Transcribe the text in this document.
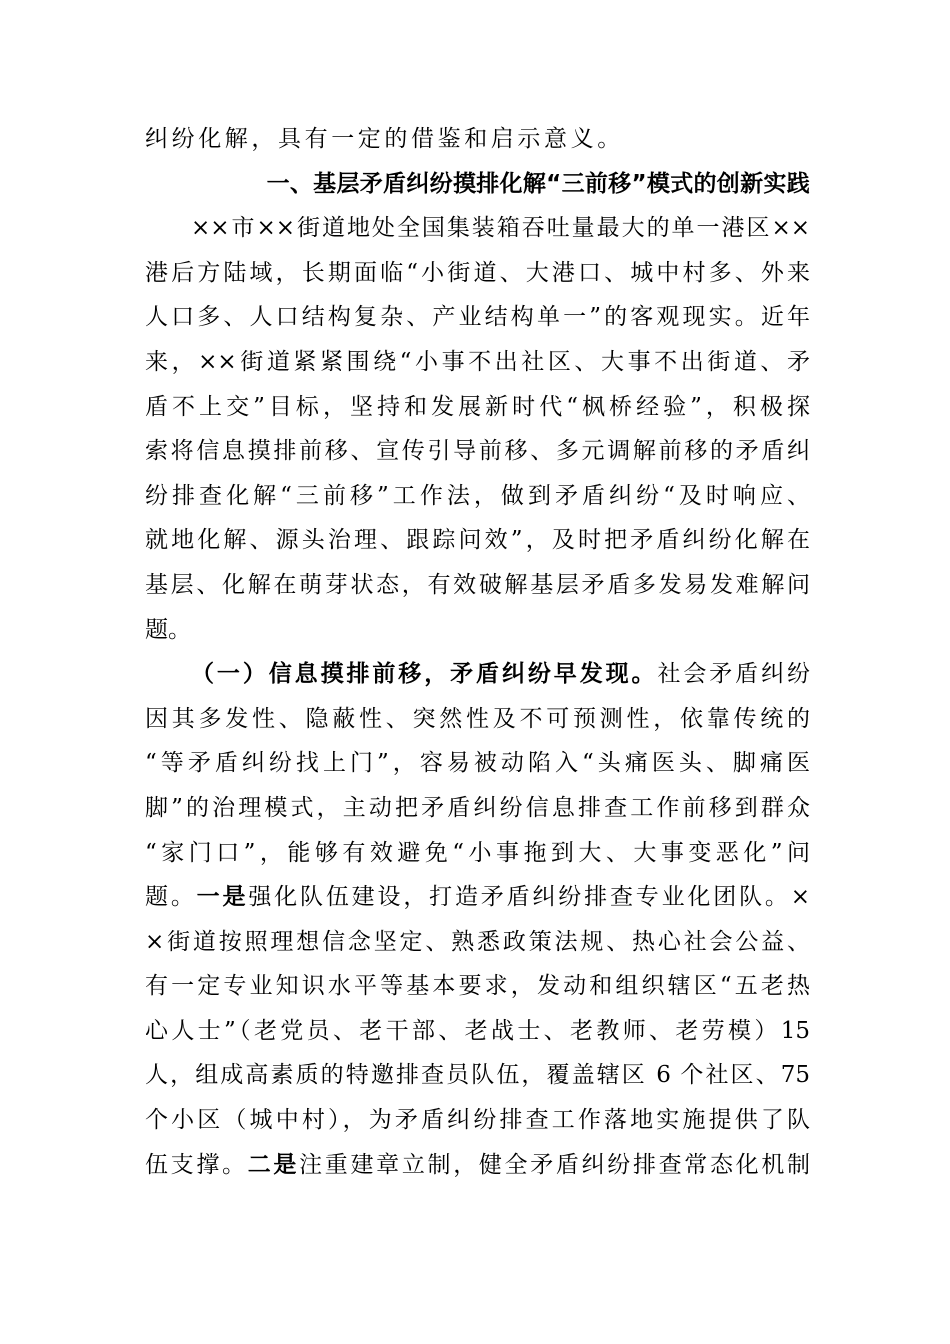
纠纷化解，具有一定的借鉴和启示意义。
一、基层矛盾纠纷摸排化解“三前移”模式的创新实践
××市××街道地处全国集装箱吞吐量最大的单一港区××
港后方陆域，长期面临“小街道、大港口、城中村多、外来
人口多、人口结构复杂、产业结构单一”的客观现实。近年
来，××街道紧紧围绕“小事不出社区、大事不出街道、矛
盾不上交”目标，坚持和发展新时代“枫桥经验”，积极探
索将信息摸排前移、宣传引导前移、多元调解前移的矛盾纠
纷排查化解“三前移”工作法，做到矛盾纠纷“及时响应、
就地化解、源头治理、跟踪问效”，及时把矛盾纠纷化解在
基层、化解在萌芽状态，有效破解基层矛盾多发易发难解问
题。
（一）信息摸排前移，矛盾纠纷早发现。社会矛盾纠纷
因其多发性、隐蔽性、突然性及不可预测性，依靠传统的
“等矛盾纠纷找上门”，容易被动陷入“头痛医头、脚痛医
脚”的治理模式，主动把矛盾纠纷信息排查工作前移到群众
“家门口”，能够有效避免“小事拖到大、大事变恶化”问
题。一是强化队伍建设，打造矛盾纠纷排查专业化团队。×
×街道按照理想信念坚定、熟悉政策法规、热心社会公益、
有一定专业知识水平等基本要求，发动和组织辖区“五老热
心人士”（老党员、老干部、老战士、老教师、老劳模）15
人，组成高素质的特邀排查员队伍，覆盖辖区 6 个社区、75
个小区（城中村），为矛盾纠纷排查工作落地实施提供了队
伍支撑。二是注重建章立制，健全矛盾纠纷排查常态化机制
